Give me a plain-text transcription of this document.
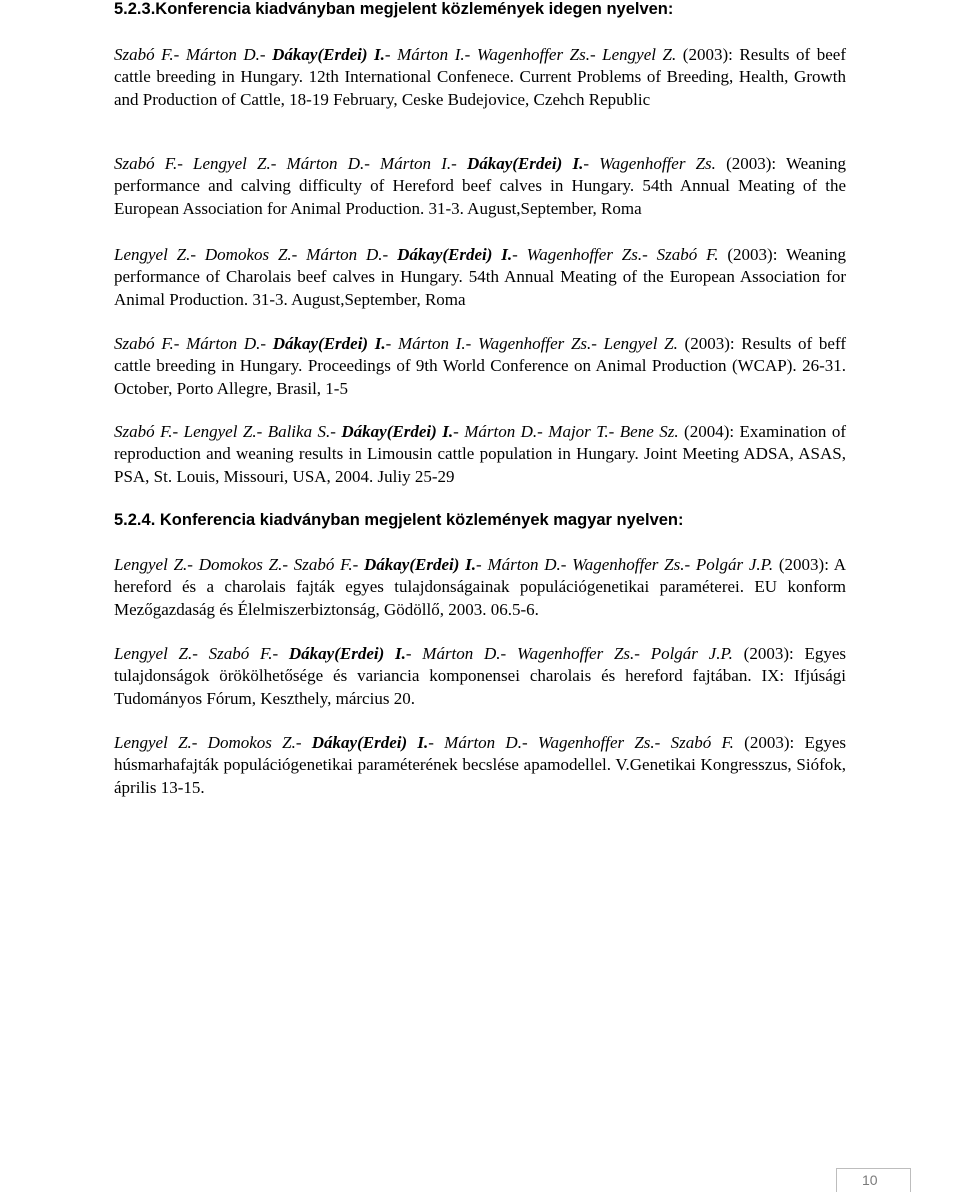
5.2.3.Konferencia kiadványban megjelent közlemények idegen nyelven:

Szabó F.- Márton D.- Dákay(Erdei) I.- Márton I.- Wagenhoffer Zs.- Lengyel Z. (2003): Results of beef cattle breeding in Hungary. 12th International Confenece. Current Problems of Breeding, Health, Growth and Production of Cattle, 18-19 February, Ceske Budejovice, Czehch Republic

Szabó F.- Lengyel Z.- Márton D.- Márton I.- Dákay(Erdei) I.- Wagenhoffer Zs. (2003): Weaning performance and calving difficulty of Hereford beef calves in Hungary. 54th Annual Meating of the European Association for Animal Production. 31-3. August,September, Roma

Lengyel Z.- Domokos Z.- Márton D.- Dákay(Erdei) I.- Wagenhoffer Zs.- Szabó F. (2003): Weaning performance of Charolais beef calves in Hungary. 54th Annual Meating of the European Association for Animal Production. 31-3. August,September, Roma

Szabó F.- Márton D.- Dákay(Erdei) I.- Márton I.- Wagenhoffer Zs.- Lengyel Z. (2003): Results of beff cattle breeding in Hungary. Proceedings of 9th World Conference on Animal Production (WCAP). 26-31. October, Porto Allegre, Brasil, 1-5

Szabó F.- Lengyel Z.- Balika S.- Dákay(Erdei) I.- Márton D.- Major T.- Bene Sz. (2004): Examination of reproduction and weaning results in Limousin cattle population in Hungary. Joint Meeting ADSA, ASAS, PSA, St. Louis, Missouri, USA, 2004. Juliy 25-29

5.2.4. Konferencia kiadványban megjelent közlemények magyar nyelven:

Lengyel Z.- Domokos Z.- Szabó F.- Dákay(Erdei) I.- Márton D.- Wagenhoffer Zs.- Polgár J.P. (2003): A hereford és a charolais fajták egyes tulajdonságainak populációgenetikai paraméterei. EU konform Mezőgazdaság és Élelmiszerbiztonság, Gödöllő, 2003. 06.5-6.

Lengyel Z.- Szabó F.- Dákay(Erdei) I.- Márton D.- Wagenhoffer Zs.- Polgár J.P. (2003): Egyes tulajdonságok örökölhetősége és variancia komponensei charolais és hereford fajtában. IX: Ifjúsági Tudományos Fórum, Keszthely, március 20.

Lengyel Z.- Domokos Z.- Dákay(Erdei) I.- Márton D.- Wagenhoffer Zs.- Szabó F. (2003): Egyes húsmarhafajták populációgenetikai paraméterének becslése apamodellel. V.Genetikai Kongresszus, Siófok, április 13-15.

10
